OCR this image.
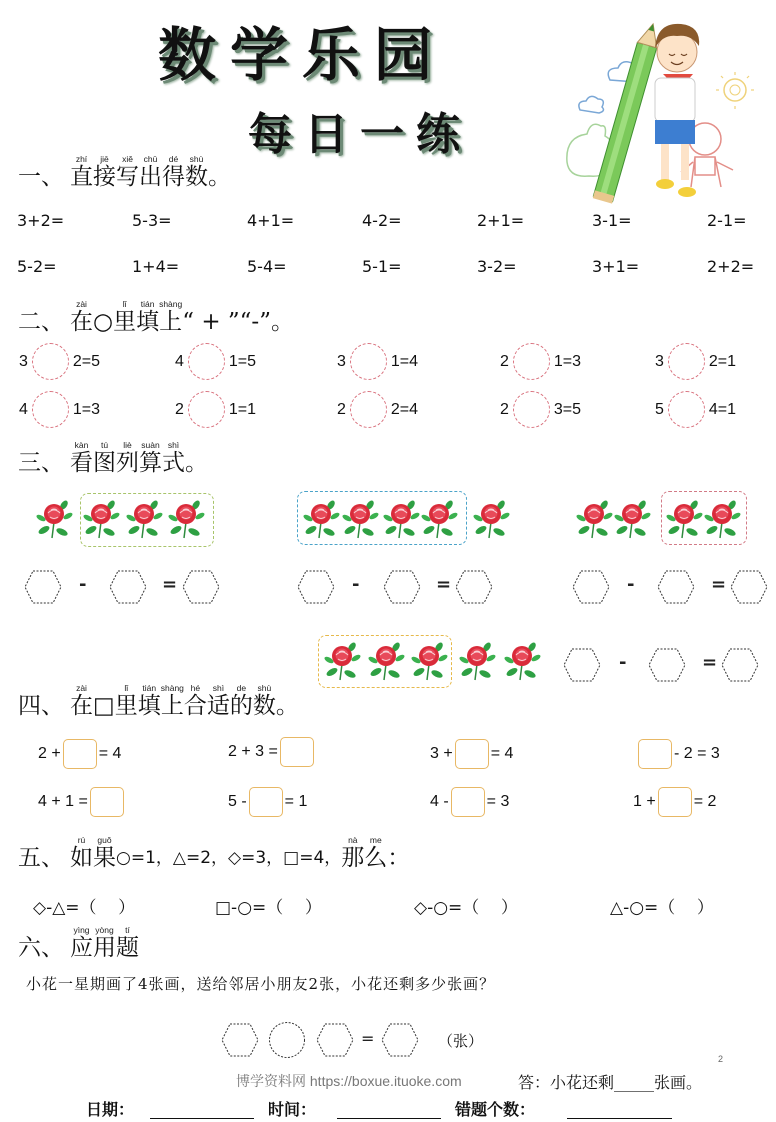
数学乐园
每日一练
一、
zhí
直
jiē
接
xiě
写
chū
出
dé
得
shù
数 。
3+2=	5-3=	4+1=	4-2=	2+1=	3-1=	2-1=
5-2=	1+4=	5-4=	5-1=	3-2=	3+1=	2+2=
二、
zài
在 ○
lǐ
里
tián
填
shàng
上 “ + ”“-”。
3	2=5	4	1=5	3	1=4	2	1=3	3	2=1
4	1=3	2	1=1	2	2=4	2	3=5	5	4=1
三、
kàn
看
tú
图
liè
列
suàn
算
shì
式 。
-	=	-	=	-	=
-	=
四、
zài
在 □
lǐ
里
tián
填
shàng
上
hé
合
shì
适
de
的
shù
数 。
2 + = 4	2 + 3 =	3 + = 4	- 2 = 3
4 + 1 =	5 - = 1	4 - = 3	1 + = 2
五、
rú
如
guǒ
果 ○=1，△=2，◇=3，□=4，
nà
那
me
么 ：
◇-△=（    ）	□-○=（    ）	◇-○=（    ）	△-○=（    ）
六、
yìng
应
yòng
用
tí
题
小花一星期画了4张画，送给邻居小朋友2张，小花还剩多少张画？
=	（张）
2
博学资料网 https://boxue.ituoke.com	答：小花还剩_____张画。
日期：	时间：	错题个数：
